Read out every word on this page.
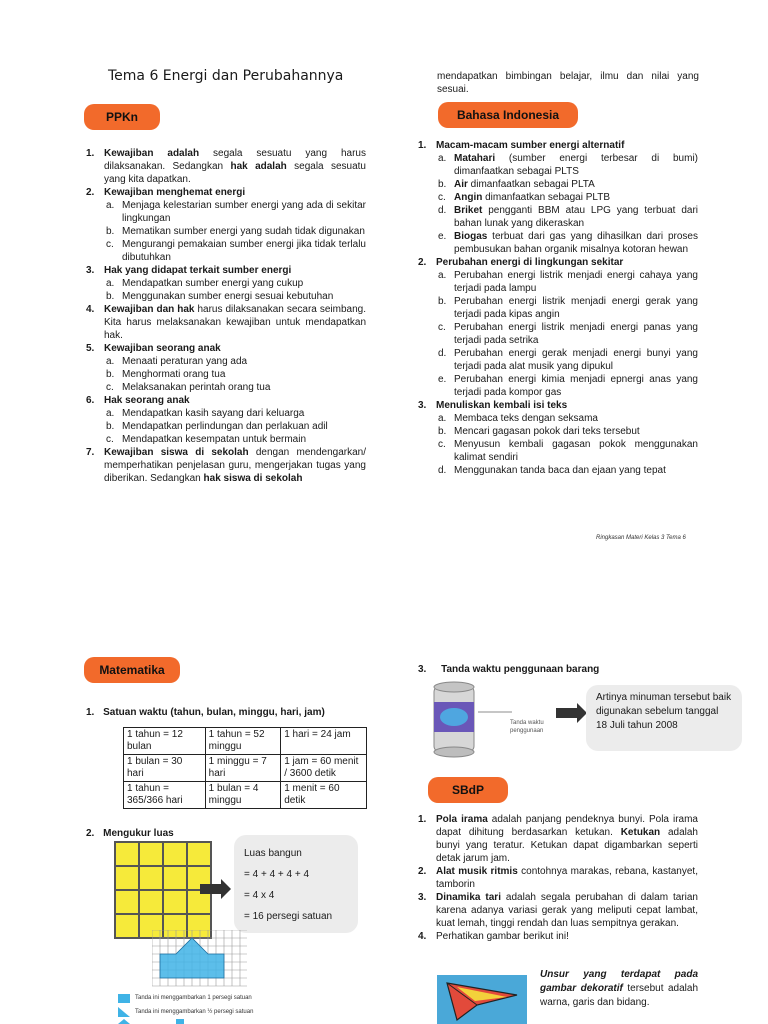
Tema 6 Energi dan Perubahannya
PPKn
1. Kewajiban adalah segala sesuatu yang harus dilaksanakan. Sedangkan hak adalah segala sesuatu yang kita dapatkan.
2. Kewajiban menghemat energi
a. Menjaga kelestarian sumber energi yang ada di sekitar lingkungan
b. Mematikan sumber energi yang sudah tidak digunakan
c. Mengurangi pemakaian sumber energi jika tidak terlalu dibutuhkan
3. Hak yang didapat terkait sumber energi
a. Mendapatkan sumber energi yang cukup
b. Menggunakan sumber energi sesuai kebutuhan
4. Kewajiban dan hak harus dilaksanakan secara seimbang. Kita harus melaksanakan kewajiban untuk mendapatkan hak.
5. Kewajiban seorang anak
a. Menaati peraturan yang ada
b. Menghormati orang tua
c. Melaksanakan perintah orang tua
6. Hak seorang anak
a. Mendapatkan kasih sayang dari keluarga
b. Mendapatkan perlindungan dan perlakuan adil
c. Mendapatkan kesempatan untuk bermain
7. Kewajiban siswa di sekolah dengan mendengarkan/ memperhatikan penjelasan guru, mengerjakan tugas yang diberikan. Sedangkan hak siswa di sekolah
mendapatkan bimbingan belajar, ilmu dan nilai yang sesuai.
Bahasa Indonesia
1. Macam-macam sumber energi alternatif
a. Matahari (sumber energi terbesar di bumi) dimanfaatkan sebagai PLTS
b. Air dimanfaatkan sebagai PLTA
c. Angin dimanfaatkan sebagai PLTB
d. Briket pengganti BBM atau LPG yang terbuat dari bahan lunak yang dikeraskan
e. Biogas terbuat dari gas yang dihasilkan dari proses pembusukan bahan organik misalnya kotoran hewan
2. Perubahan energi di lingkungan sekitar
a. Perubahan energi listrik menjadi energi cahaya yang terjadi pada lampu
b. Perubahan energi listrik menjadi energi gerak yang terjadi pada kipas angin
c. Perubahan energi listrik menjadi energi panas yang terjadi pada setrika
d. Perubahan energi gerak menjadi energi bunyi yang terjadi pada alat musik yang dipukul
e. Perubahan energi kimia menjadi epnergi anas yang terjadi pada kompor gas
3. Menuliskan kembali isi teks
a. Membaca teks dengan seksama
b. Mencari gagasan pokok dari teks tersebut
c. Menyusun kembali gagasan pokok menggunakan kalimat sendiri
d. Menggunakan tanda baca dan ejaan yang tepat
Ringkasan Materi Kelas 3 Tema 6
Matematika
1. Satuan waktu (tahun, bulan, minggu, hari, jam)
1 tahun = 12 bulan	1 tahun = 52 minggu	1 hari = 24 jam
1 bulan = 30 hari	1 minggu = 7 hari	1 jam = 60 menit / 3600 detik
1 tahun = 365/366 hari	1 bulan = 4 minggu	1 menit = 60 detik
2. Mengukur luas
Luas bangun
= 4 + 4 + 4 + 4
= 4 x 4
= 16 persegi satuan
Tanda ini menggambarkan 1 persegi satuan
Tanda ini menggambarkan ½ persegi satuan
3. Tanda waktu penggunaan barang
Tanda waktu penggunaan
Artinya minuman tersebut baik digunakan sebelum tanggal 18 Juli tahun 2008
SBdP
1. Pola irama adalah panjang pendeknya bunyi. Pola irama dapat dihitung berdasarkan ketukan. Ketukan adalah bunyi yang teratur. Ketukan dapat digambarkan seperti detak jarum jam.
2. Alat musik ritmis contohnya marakas, rebana, kastanyet, tamborin
3. Dinamika tari adalah segala perubahan di dalam tarian karena adanya variasi gerak yang meliputi cepat lambat, kuat lemah, tinggi rendah dan luas sempitnya gerakan.
4. Perhatikan gambar berikut ini!
Unsur yang terdapat pada gambar dekoratif tersebut adalah warna, garis dan bidang.
